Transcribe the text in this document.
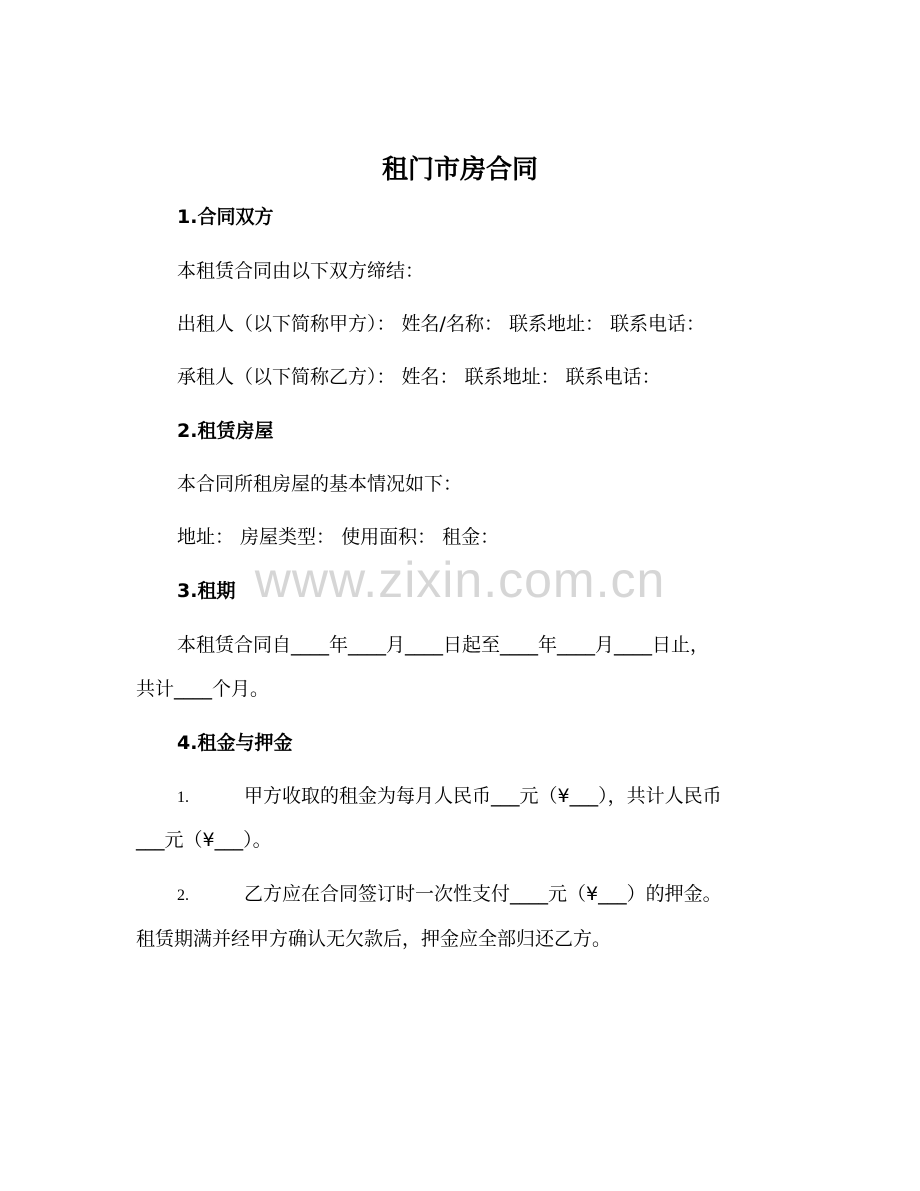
租门市房合同
1.合同双方
本租赁合同由以下双方缔结：
出租人（以下简称甲方）： 姓名/名称： 联系地址： 联系电话：
承租人（以下简称乙方）： 姓名： 联系地址： 联系电话：
2.租赁房屋
本合同所租房屋的基本情况如下：
地址： 房屋类型： 使用面积： 租金：
www.zixin.com.cn
3.租期
本租赁合同自____年____月____日起至____年____月____日止，
共计____个月。
4.租金与押金
1.	甲方收取的租金为每月人民币___元（¥___），共计人民币
___元（¥___）。
2.	乙方应在合同签订时一次性支付____元（¥___）的押金。
租赁期满并经甲方确认无欠款后，押金应全部归还乙方。
